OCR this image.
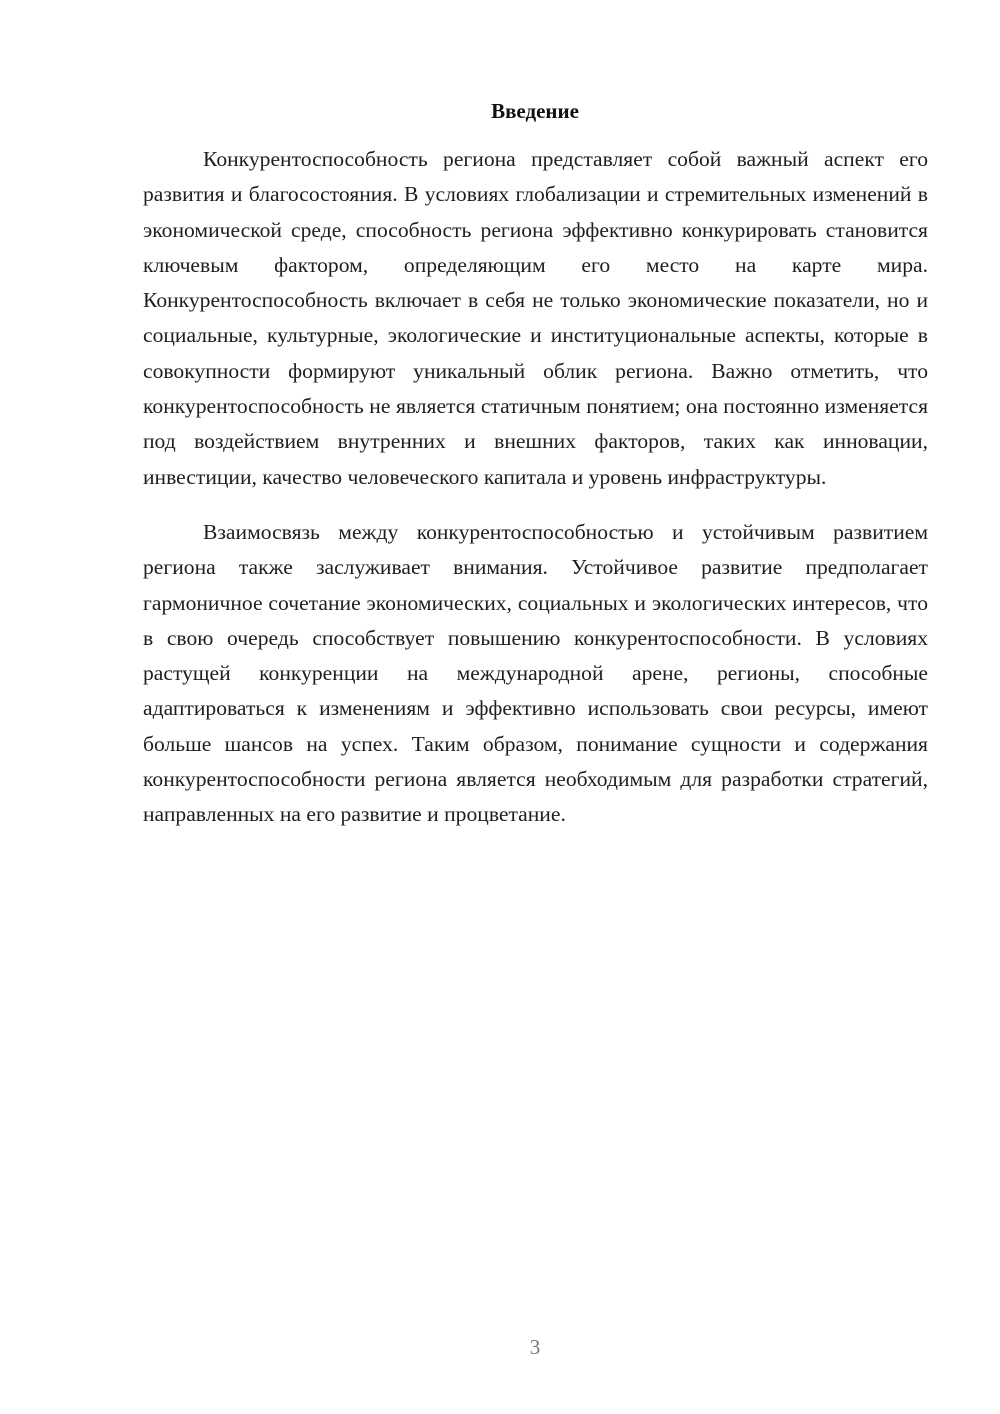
Введение

Конкурентоспособность региона представляет собой важный аспект его развития и благосостояния. В условиях глобализации и стремительных изменений в экономической среде, способность региона эффективно конкурировать становится ключевым фактором, определяющим его место на карте мира. Конкурентоспособность включает в себя не только экономические показатели, но и социальные, культурные, экологические и институциональные аспекты, которые в совокупности формируют уникальный облик региона. Важно отметить, что конкурентоспособность не является статичным понятием; она постоянно изменяется под воздействием внутренних и внешних факторов, таких как инновации, инвестиции, качество человеческого капитала и уровень инфраструктуры.

Взаимосвязь между конкурентоспособностью и устойчивым развитием региона также заслуживает внимания. Устойчивое развитие предполагает гармоничное сочетание экономических, социальных и экологических интересов, что в свою очередь способствует повышению конкурентоспособности. В условиях растущей конкуренции на международной арене, регионы, способные адаптироваться к изменениям и эффективно использовать свои ресурсы, имеют больше шансов на успех. Таким образом, понимание сущности и содержания конкурентоспособности региона является необходимым для разработки стратегий, направленных на его развитие и процветание.

3
